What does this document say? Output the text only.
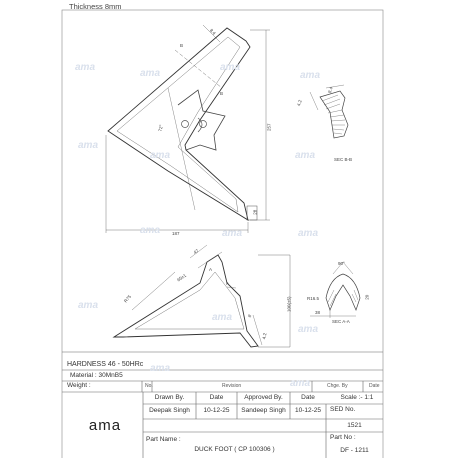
ama
ama
ama
ama
ama
ama	ama
ama	ama	ama
ama
ama
ama
ama
ama
Thickness 8mm
8.4
B
B
72°
187
257
28
8.4
4.2
SEC B-B
47
65±1
A
A
R75	100(±5)
8
4.2
90°
R16.5	20
38
SEC A-A
HARDNESS 46 - 50HRc
Material : 30MnB5
Weight :	No.	Revision	Chge. By	Date
Scale :- 1:1
Drawn By.	Date	Approved By.	Date
Deepak Singh	10-12-25	Sandeep Singh	10-12-25	SED No.
1521
Part Name :
DUCK FOOT ( CP 100306 )
Part No :
DF - 1211
ama
